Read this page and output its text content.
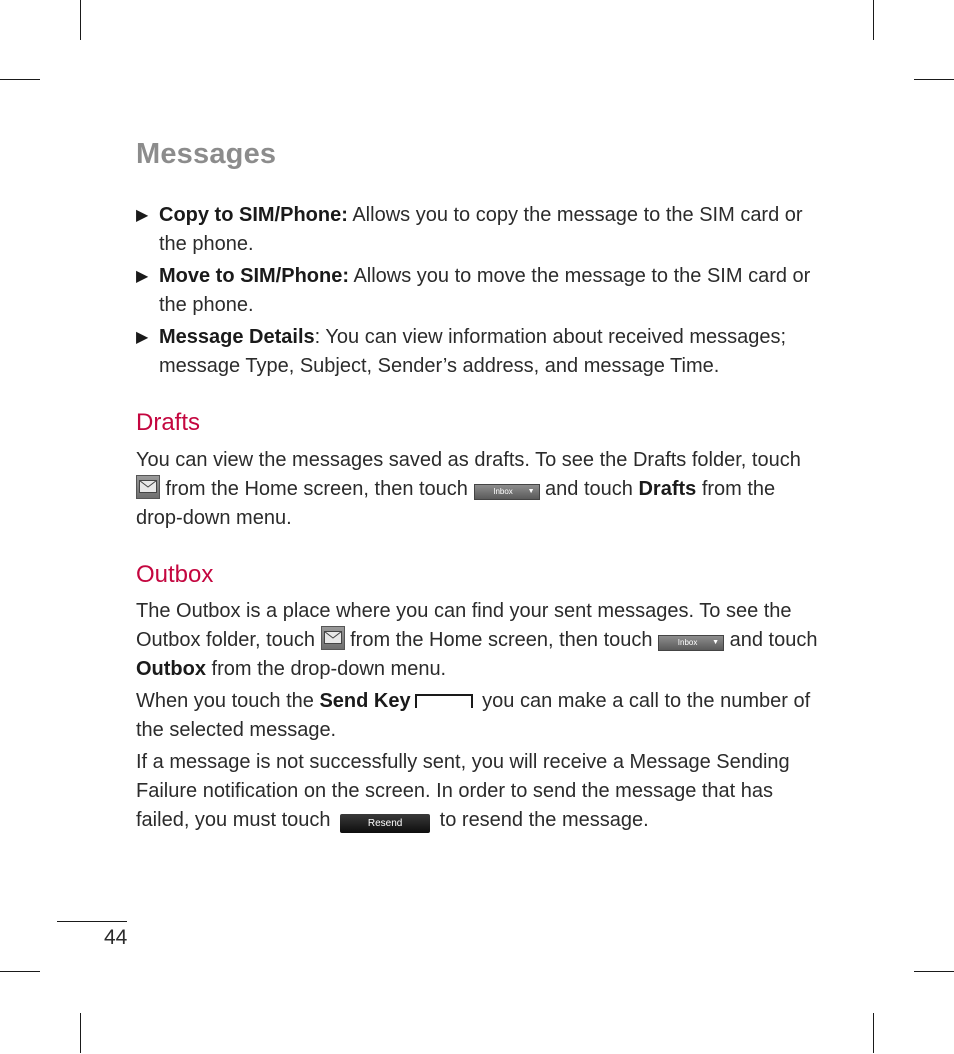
Messages
▶ Copy to SIM/Phone: Allows you to copy the message to the SIM card or the phone.
▶ Move to SIM/Phone: Allows you to move the message to the SIM card or the phone.
▶ Message Details: You can view information about received messages; message Type, Subject, Sender’s address, and message Time.
Drafts

You can view the messages saved as drafts. To see the Drafts folder, touch
from the Home screen, then touch	Inbox	▼ and touch Drafts from the drop-down menu.

Outbox

The Outbox is a place where you can find your sent messages. To see the Outbox folder, touch
from the Home screen, then touch	Inbox	▼ and touch Outbox from the drop-down menu.

When you touch the Send Key	you can make a call to the number of the selected message.

If a message is not successfully sent, you will receive a Message Sending Failure notification on the screen. In order to send the message that has failed, you must touch	Resend to resend the message.

44
